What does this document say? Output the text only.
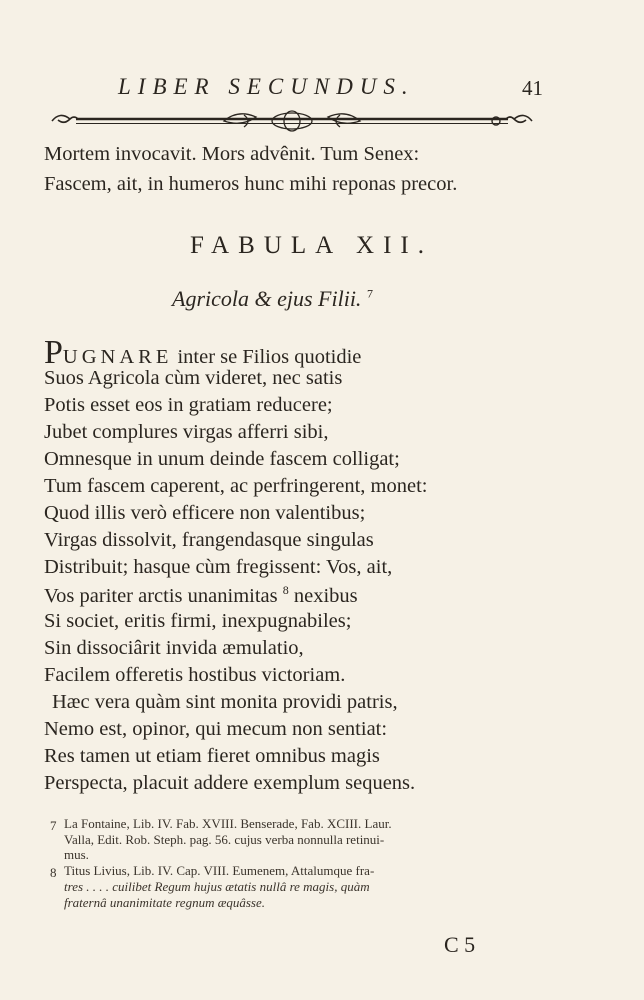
LIBER SECUNDUS.	41
Mortem invocavit. Mors advênit. Tum Senex:
Fascem, ait, in humeros hunc mihi reponas precor.
FABULA XII.
Agricola & ejus Filii. $^7$
PUGNARE inter se Filios quotidie
Suos Agricola cùm videret, nec satis
Potis esset eos in gratiam reducere;
Jubet complures virgas afferri sibi,
Omnesque in unum deinde fascem colligat;
Tum fascem caperent, ac perfringerent, monet:
Quod illis verò efficere non valentibus;
Virgas dissolvit, frangendasque singulas
Distribuit; hasque cùm fregissent: Vos, ait,
Vos pariter arctis unanimitas $^8$ nexibus
Si societ, eritis firmi, inexpugnabiles;
Sin dissociârit invida æmulatio,
Facilem offeretis hostibus victoriam.
Hæc vera quàm sint monita providi patris,
Nemo est, opinor, qui mecum non sentiat:
Res tamen ut etiam fieret omnibus magis
Perspecta, placuit addere exemplum sequens.
7 La Fontaine, Lib. IV. Fab. XVIII. Benserade, Fab. XCIII. Laur.
Valla, Edit. Rob. Steph. pag. 56. cujus verba nonnulla retinui-
mus.
8 Titus Livius, Lib. IV. Cap. VIII. Eumenem, Attalumque fra-
tres . . . . cuilibet Regum hujus ætatis nullâ re magis, quàm
fraternâ unanimitate regnum æquâsse.
C 5
